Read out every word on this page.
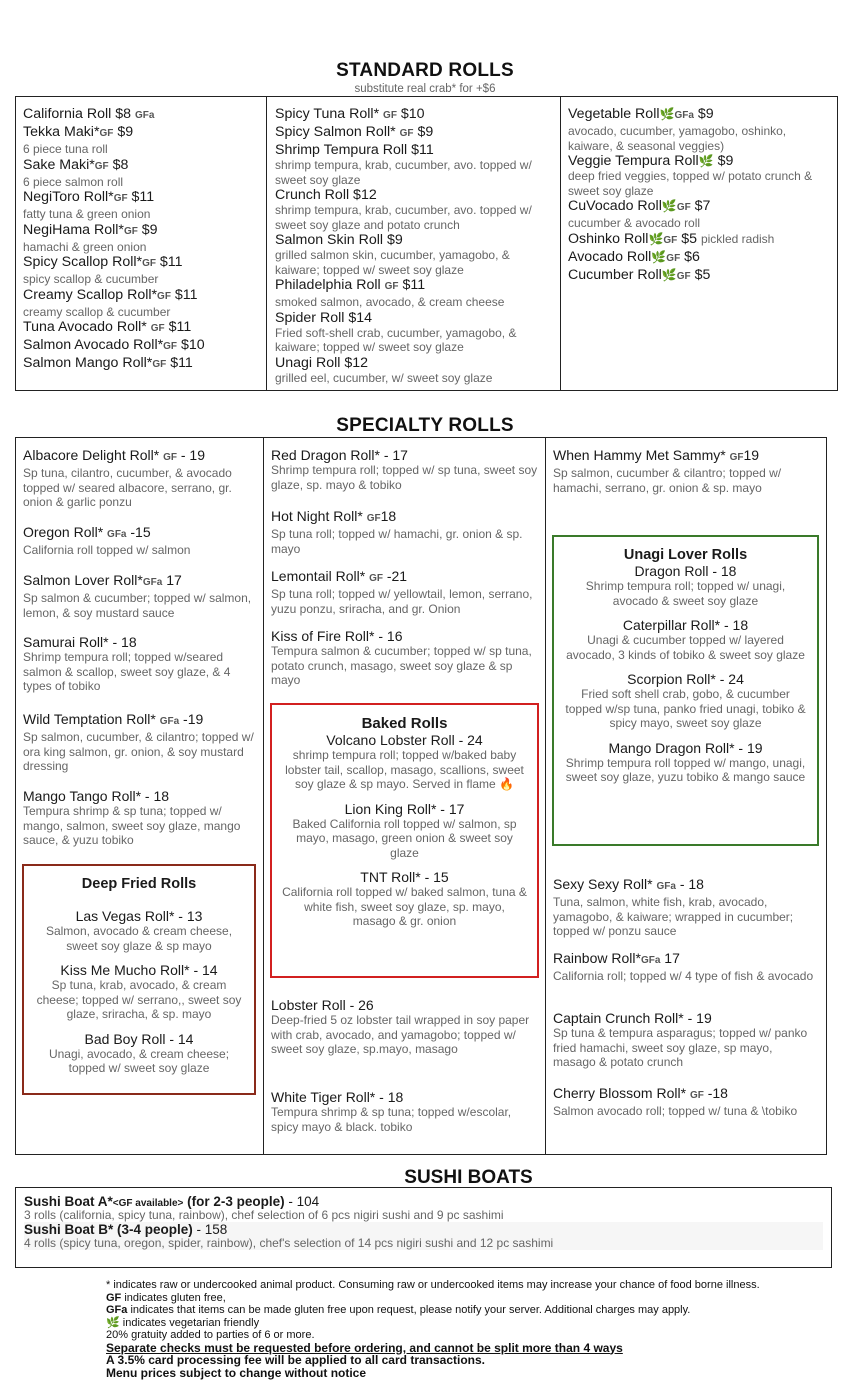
STANDARD ROLLS
substitute real crab* for +$6
California Roll $8 GFa
Tekka Maki*GF $9
6 piece tuna roll
Sake Maki*GF $8
6 piece salmon roll
NegiToro Roll*GF $11
fatty tuna & green onion
NegiHama Roll*GF $9
hamachi & green onion
Spicy Scallop Roll*GF $11
spicy scallop & cucumber
Creamy Scallop Roll*GF $11
creamy scallop & cucumber
Tuna Avocado Roll* GF $11
Salmon Avocado Roll*GF $10
Salmon Mango Roll*GF $11
Spicy Tuna Roll* GF $10
Spicy Salmon Roll* GF $9
Shrimp Tempura Roll $11
shrimp tempura, krab, cucumber, avo. topped w/ sweet soy glaze
Crunch Roll $12
shrimp tempura, krab, cucumber, avo. topped w/ sweet soy glaze and potato crunch
Salmon Skin Roll $9
grilled salmon skin, cucumber, yamagobo, & kaiware; topped w/ sweet soy glaze
Philadelphia Roll GF $11
smoked salmon, avocado, & cream cheese
Spider Roll $14
Fried soft-shell crab, cucumber, yamagobo, & kaiware; topped w/ sweet soy glaze
Unagi Roll $12
grilled eel, cucumber, w/ sweet soy glaze
Vegetable Roll🌿GFa $9
avocado, cucumber, yamagobo, oshinko, kaiware, & seasonal veggies)
Veggie Tempura Roll🌿 $9
deep fried veggies, topped w/ potato crunch & sweet soy glaze
CuVocado Roll🌿GF $7
cucumber & avocado roll
Oshinko Roll🌿GF $5 pickled radish
Avocado Roll🌿GF $6
Cucumber Roll🌿GF $5
SPECIALTY ROLLS
Albacore Delight Roll* GF - 19
Sp tuna, cilantro, cucumber, & avocado topped w/ seared albacore, serrano, gr. onion & garlic ponzu
Oregon Roll* GFa -15
California roll topped w/ salmon
Salmon Lover Roll*GFa 17
Sp salmon & cucumber; topped w/ salmon, lemon, & soy mustard sauce
Samurai Roll* - 18
Shrimp tempura roll; topped w/seared salmon & scallop, sweet soy glaze, & 4 types of tobiko
Wild Temptation Roll* GFa -19
Sp salmon, cucumber, & cilantro; topped w/ ora king salmon, gr. onion, & soy mustard dressing
Mango Tango Roll* - 18
Tempura shrimp & sp tuna; topped w/ mango, salmon, sweet soy glaze, mango sauce, & yuzu tobiko
Deep Fried Rolls
Las Vegas Roll* - 13
Salmon, avocado & cream cheese, sweet soy glaze & sp mayo
Kiss Me Mucho Roll* - 14
Sp tuna, krab, avocado, & cream cheese; topped w/ serrano,, sweet soy glaze, sriracha, & sp. mayo
Bad Boy Roll - 14
Unagi, avocado, & cream cheese; topped w/ sweet soy glaze
Red Dragon Roll* - 17
Shrimp tempura roll; topped w/ sp tuna, sweet soy glaze, sp. mayo & tobiko
Hot Night Roll* GF18
Sp tuna roll; topped w/ hamachi, gr. onion & sp. mayo
Lemontail Roll* GF -21
Sp tuna roll; topped w/ yellowtail, lemon, serrano, yuzu ponzu, sriracha, and gr. Onion
Kiss of Fire Roll* - 16
Tempura salmon & cucumber; topped w/ sp tuna, potato crunch, masago, sweet soy glaze & sp mayo
Baked Rolls
Volcano Lobster Roll - 24
shrimp tempura roll; topped w/baked baby lobster tail, scallop, masago, scallions, sweet soy glaze & sp mayo. Served in flame 🔥
Lion King Roll* - 17
Baked California roll topped w/ salmon, sp mayo, masago, green onion & sweet soy glaze
TNT Roll* - 15
California roll topped w/ baked salmon, tuna & white fish, sweet soy glaze, sp. mayo, masago & gr. onion
Lobster Roll - 26
Deep-fried 5 oz lobster tail wrapped in soy paper with crab, avocado, and yamagobo; topped w/ sweet soy glaze, sp.mayo, masago
White Tiger Roll* - 18
Tempura shrimp & sp tuna; topped w/escolar, spicy mayo & black. tobiko
When Hammy Met Sammy* GF19
Sp salmon, cucumber & cilantro; topped w/ hamachi, serrano, gr. onion & sp. mayo
Unagi Lover Rolls
Dragon Roll - 18
Shrimp tempura roll; topped w/ unagi, avocado & sweet soy glaze
Caterpillar Roll* - 18
Unagi & cucumber topped w/ layered avocado, 3 kinds of tobiko & sweet soy glaze
Scorpion Roll* - 24
Fried soft shell crab, gobo, & cucumber topped w/sp tuna, panko fried unagi, tobiko & spicy mayo, sweet soy glaze
Mango Dragon Roll* - 19
Shrimp tempura roll topped w/ mango, unagi, sweet soy glaze, yuzu tobiko & mango sauce
Sexy Sexy Roll* GFa - 18
Tuna, salmon, white fish, krab, avocado, yamagobo, & kaiware; wrapped in cucumber; topped w/ ponzu sauce
Rainbow Roll*GFa 17
California roll; topped w/ 4 type of fish & avocado
Captain Crunch Roll* - 19
Sp tuna & tempura asparagus; topped w/ panko fried hamachi, sweet soy glaze, sp mayo, masago & potato crunch
Cherry Blossom Roll* GF -18
Salmon avocado roll; topped w/ tuna & \tobiko
SUSHI BOATS
Sushi Boat A*<GF available> (for 2-3 people) - 104
3 rolls (california, spicy tuna, rainbow), chef selection of 6 pcs nigiri sushi and 9 pc sashimi
Sushi Boat B* (3-4 people) - 158
4 rolls (spicy tuna, oregon, spider, rainbow), chef's selection of 14 pcs nigiri sushi and 12 pc sashimi
* indicates raw or undercooked animal product. Consuming raw or undercooked items may increase your chance of food borne illness.
GF indicates gluten free,
GFa indicates that items can be made gluten free upon request, please notify your server. Additional charges may apply.
🌿 indicates vegetarian friendly
20% gratuity added to parties of 6 or more.
Separate checks must be requested before ordering, and cannot be split more than 4 ways
A 3.5% card processing fee will be applied to all card transactions.
Menu prices subject to change without notice
